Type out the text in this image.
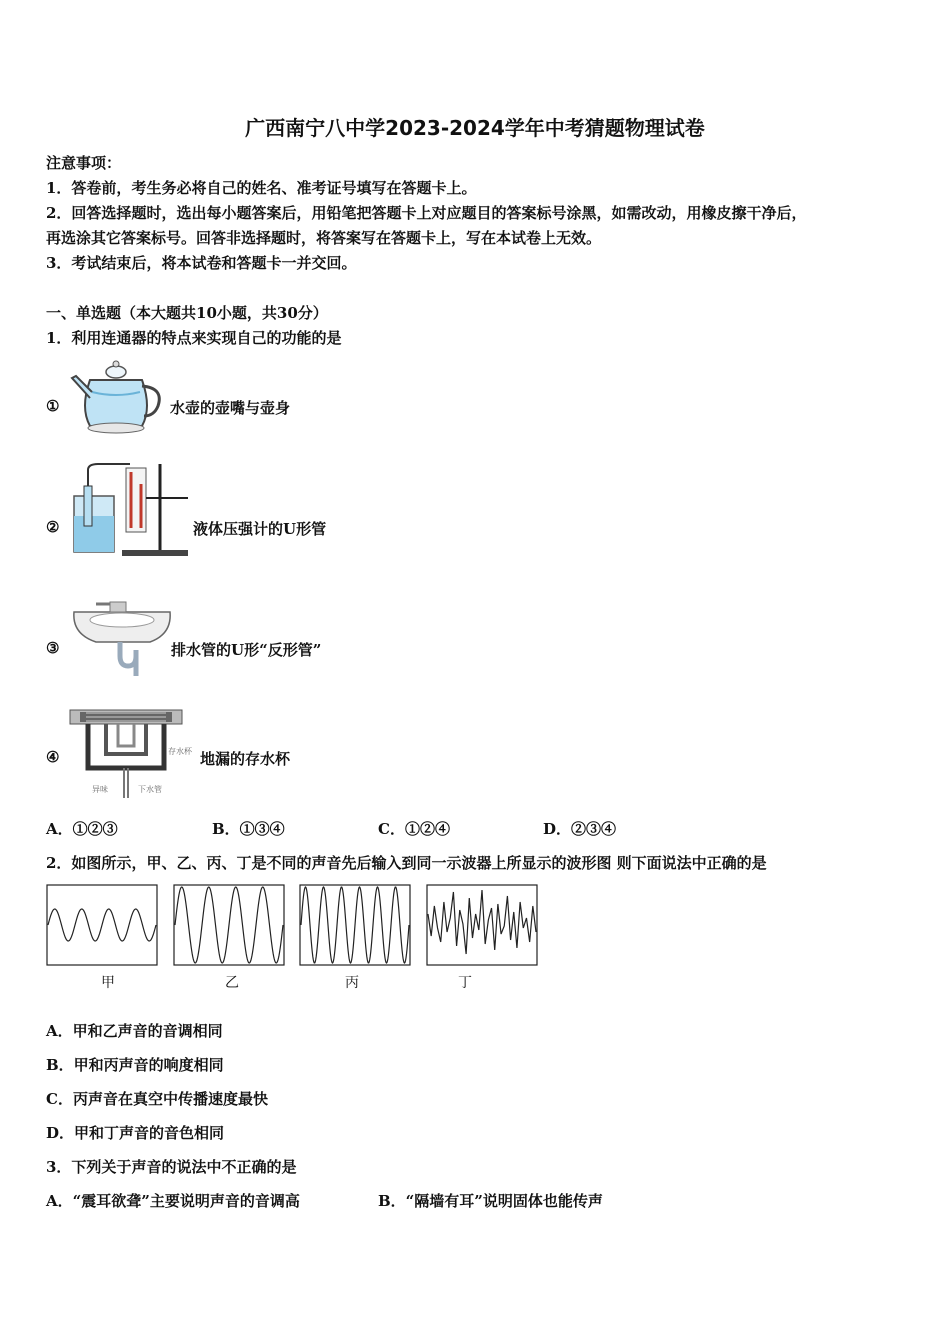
广西南宁八中学2023-2024学年中考猜题物理试卷
注意事项：
1．答卷前，考生务必将自己的姓名、准考证号填写在答题卡上。
2．回答选择题时，选出每小题答案后，用铅笔把答题卡上对应题目的答案标号涂黑，如需改动，用橡皮擦干净后，
再选涂其它答案标号。回答非选择题时，将答案写在答题卡上，写在本试卷上无效。
3．考试结束后，将本试卷和答题卡一并交回。
一、单选题（本大题共10小题，共30分）
1．利用连通器的特点来实现自己的功能的是
①	水壶的壶嘴与壶身
②	液体压强计的U形管
③	排水管的U形“反形管”
④	存水杯
异味	下水管
地漏的存水杯
A．①②③	B．①③④	C．①②④	D．②③④
2．如图所示，甲、乙、丙、丁是不同的声音先后输入到同一示波器上所显示的波形图 则下面说法中正确的是
甲	乙	丙	丁
A．甲和乙声音的音调相同
B．甲和丙声音的响度相同
C．丙声音在真空中传播速度最快
D．甲和丁声音的音色相同
3．下列关于声音的说法中不正确的是
A．“震耳欲聋”主要说明声音的音调高	B．“隔墙有耳”说明固体也能传声
